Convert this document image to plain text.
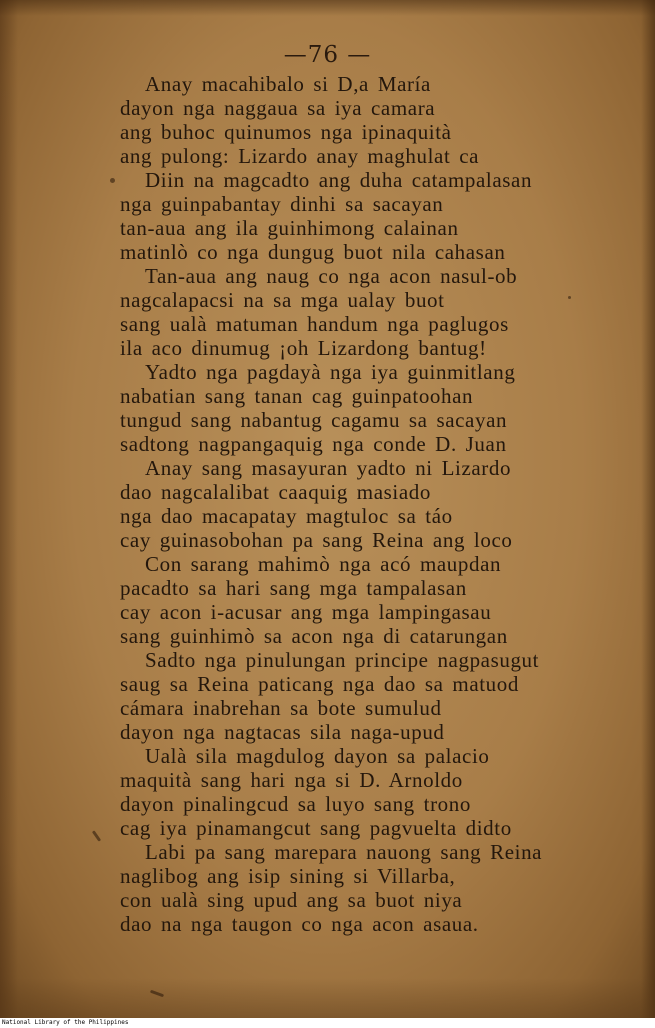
—76 —
Anay macahibalo si D,a María
dayon nga naggaua sa iya camara
ang buhoc quinumos nga ipinaquità
ang pulong: Lizardo anay maghulat ca
Diin na magcadto ang duha catampalasan
nga guinpabantay dinhi sa sacayan
tan-aua ang ila guinhimong calainan
matinlò co nga dungug buot nila cahasan
Tan-aua ang naug co nga acon nasul-ob
nagcalapacsi na sa mga ualay buot
sang ualà matuman handum nga paglugos
ila aco dinumug ¡oh Lizardong bantug!
Yadto nga pagdayà nga iya guinmitlang
nabatian sang tanan cag guinpatoohan
tungud sang nabantug cagamu sa sacayan
sadtong nagpangaquig nga conde D. Juan
Anay sang masayuran yadto ni Lizardo
dao nagcalalibat caaquig masiado
nga dao macapatay magtuloc sa táo
cay guinasobohan pa sang Reina ang loco
Con sarang mahimò nga acó maupdan
pacadto sa hari sang mga tampalasan
cay acon i-acusar ang mga lampingasau
sang guinhimò sa acon nga di catarungan
Sadto nga pinulungan principe nagpasugut
saug sa Reina paticang nga dao sa matuod
cámara inabrehan sa bote sumulud
dayon nga nagtacas sila naga-upud
Ualà sila magdulog dayon sa palacio
maquità sang hari nga si D. Arnoldo
dayon pinalingcud sa luyo sang trono
cag iya pinamangcut sang pagvuelta didto
Labi pa sang marepara nauong sang Reina
naglibog ang isip sining si Villarba,
con ualà sing upud ang sa buot niya
dao na nga taugon co nga acon asaua.
National Library of the Philippines
